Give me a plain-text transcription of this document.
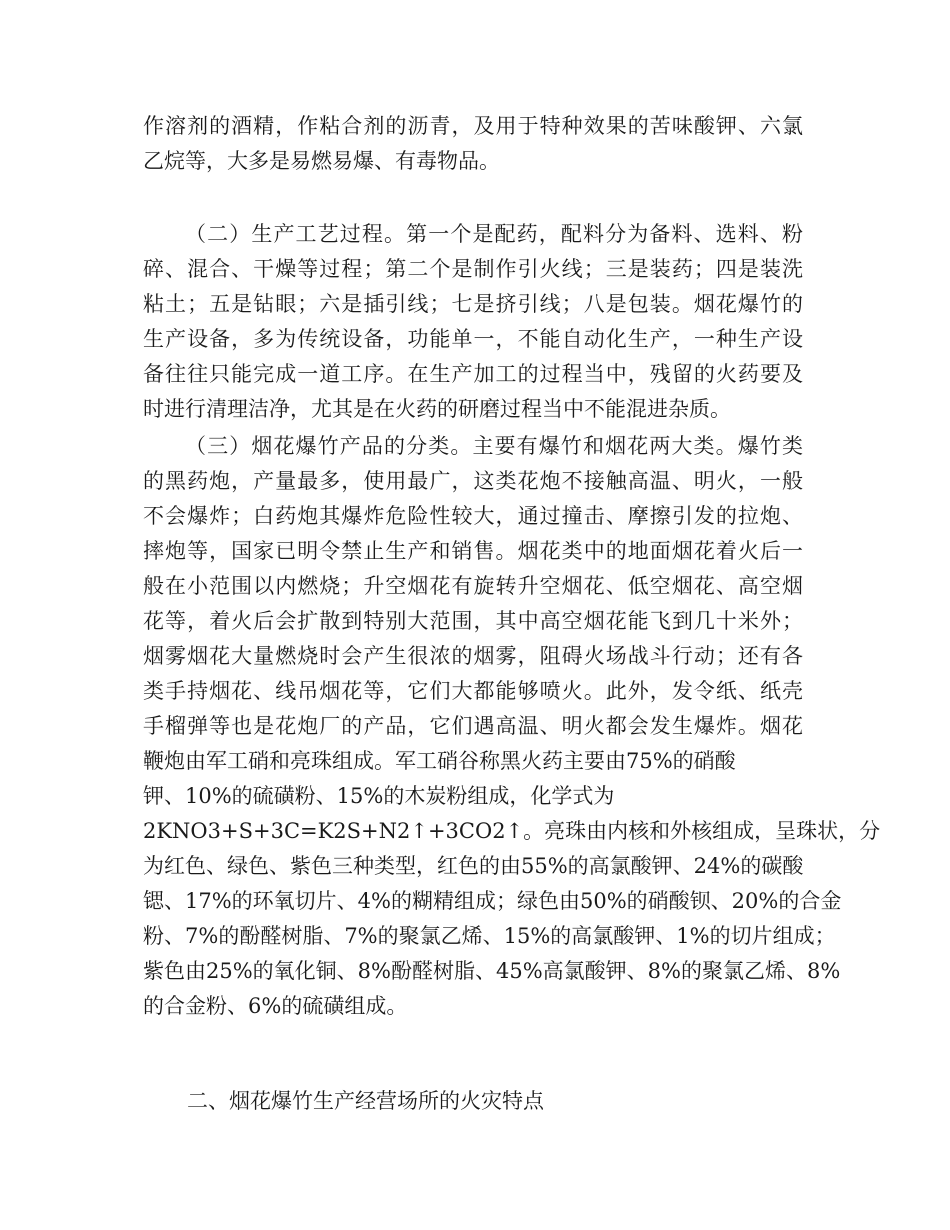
作溶剂的酒精，作粘合剂的沥青，及用于特种效果的苦味酸钾、六氯
乙烷等，大多是易燃易爆、有毒物品。
（二）生产工艺过程。第一个是配药，配料分为备料、选料、粉
碎、混合、干燥等过程；第二个是制作引火线；三是装药；四是装洗
粘土；五是钻眼；六是插引线；七是挤引线；八是包装。烟花爆竹的
生产设备，多为传统设备，功能单一，不能自动化生产，一种生产设
备往往只能完成一道工序。在生产加工的过程当中，残留的火药要及
时进行清理洁净，尤其是在火药的研磨过程当中不能混进杂质。
（三）烟花爆竹产品的分类。主要有爆竹和烟花两大类。爆竹类
的黑药炮，产量最多，使用最广，这类花炮不接触高温、明火，一般
不会爆炸；白药炮其爆炸危险性较大，通过撞击、摩擦引发的拉炮、
摔炮等，国家已明令禁止生产和销售。烟花类中的地面烟花着火后一
般在小范围以内燃烧；升空烟花有旋转升空烟花、低空烟花、高空烟
花等，着火后会扩散到特别大范围，其中高空烟花能飞到几十米外；
烟雾烟花大量燃烧时会产生很浓的烟雾，阻碍火场战斗行动；还有各
类手持烟花、线吊烟花等，它们大都能够喷火。此外，发令纸、纸壳
手榴弹等也是花炮厂的产品，它们遇高温、明火都会发生爆炸。烟花
鞭炮由军工硝和亮珠组成。军工硝谷称黑火药主要由75%的硝酸
钾、10%的硫磺粉、15%的木炭粉组成，化学式为
2KNO3+S+3C=K2S+N2↑+3CO2↑。亮珠由内核和外核组成，呈珠状，分
为红色、绿色、紫色三种类型，红色的由55%的高氯酸钾、24%的碳酸
锶、17%的环氧切片、4%的糊精组成；绿色由50%的硝酸钡、20%的合金
粉、7%的酚醛树脂、7%的聚氯乙烯、15%的高氯酸钾、1%的切片组成；
紫色由25%的氧化铜、8%酚醛树脂、45%高氯酸钾、8%的聚氯乙烯、8%
的合金粉、6%的硫磺组成。
二、烟花爆竹生产经营场所的火灾特点
